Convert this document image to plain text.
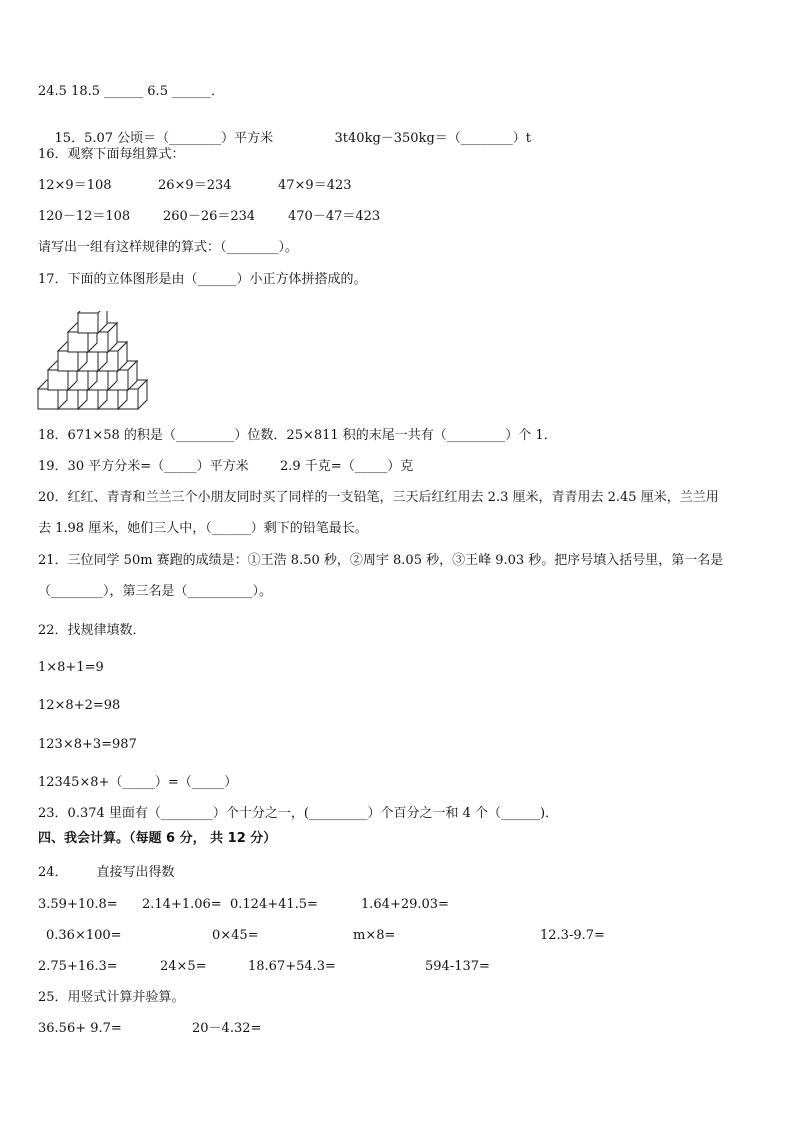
24.5 18.5 ______ 6.5 ______．

15．5.07 公顷＝（________）平方米
	3t40kg－350kg＝（________）t

16．观察下面每组算式：
12×9＝108	26×9＝234	47×9＝423
120－12＝108	260－26＝234	470－47＝423
请写出一组有这样规律的算式：（________）。
17．下面的立体图形是由（______）小正方体拼搭成的。
18．671×58 的积是（_________）位数．25×811 积的末尾一共有（_________）个 1．
19．30 平方分米=（_____）平方米 2.9 千克=（_____）克
20．红红、青青和兰兰三个小朋友同时买了同样的一支铅笔，三天后红红用去 2.3 厘米，青青用去 2.45 厘米，兰兰用
去 1.98 厘米，她们三人中，（______）剩下的铅笔最长。
21．三位同学 50m 赛跑的成绩是：①王浩 8.50 秒，②周宇 8.05 秒，③王峰 9.03 秒。把序号填入括号里，第一名是
（________），第三名是（__________）。
22．找规律填数．
1×8+1=9
12×8+2=98
123×8+3=987
12345×8+（_____）=（_____）
23．0.374 里面有（________）个十分之一，(_________）个百分之一和 4 个（______)．
四、我会计算。（每题 6 分， 共 12 分）
24．       直接写出得数
3.59+10.8= 2.14+1.06= 0.124+41.5=	1.64+29.03=
0.36×100=	0×45=	m×8=	12.3-9.7=
2.75+16.3=	24×5=	18.67+54.3=	594-137=
25．用竖式计算并验算。
36.56+ 9.7=	20－4.32=
